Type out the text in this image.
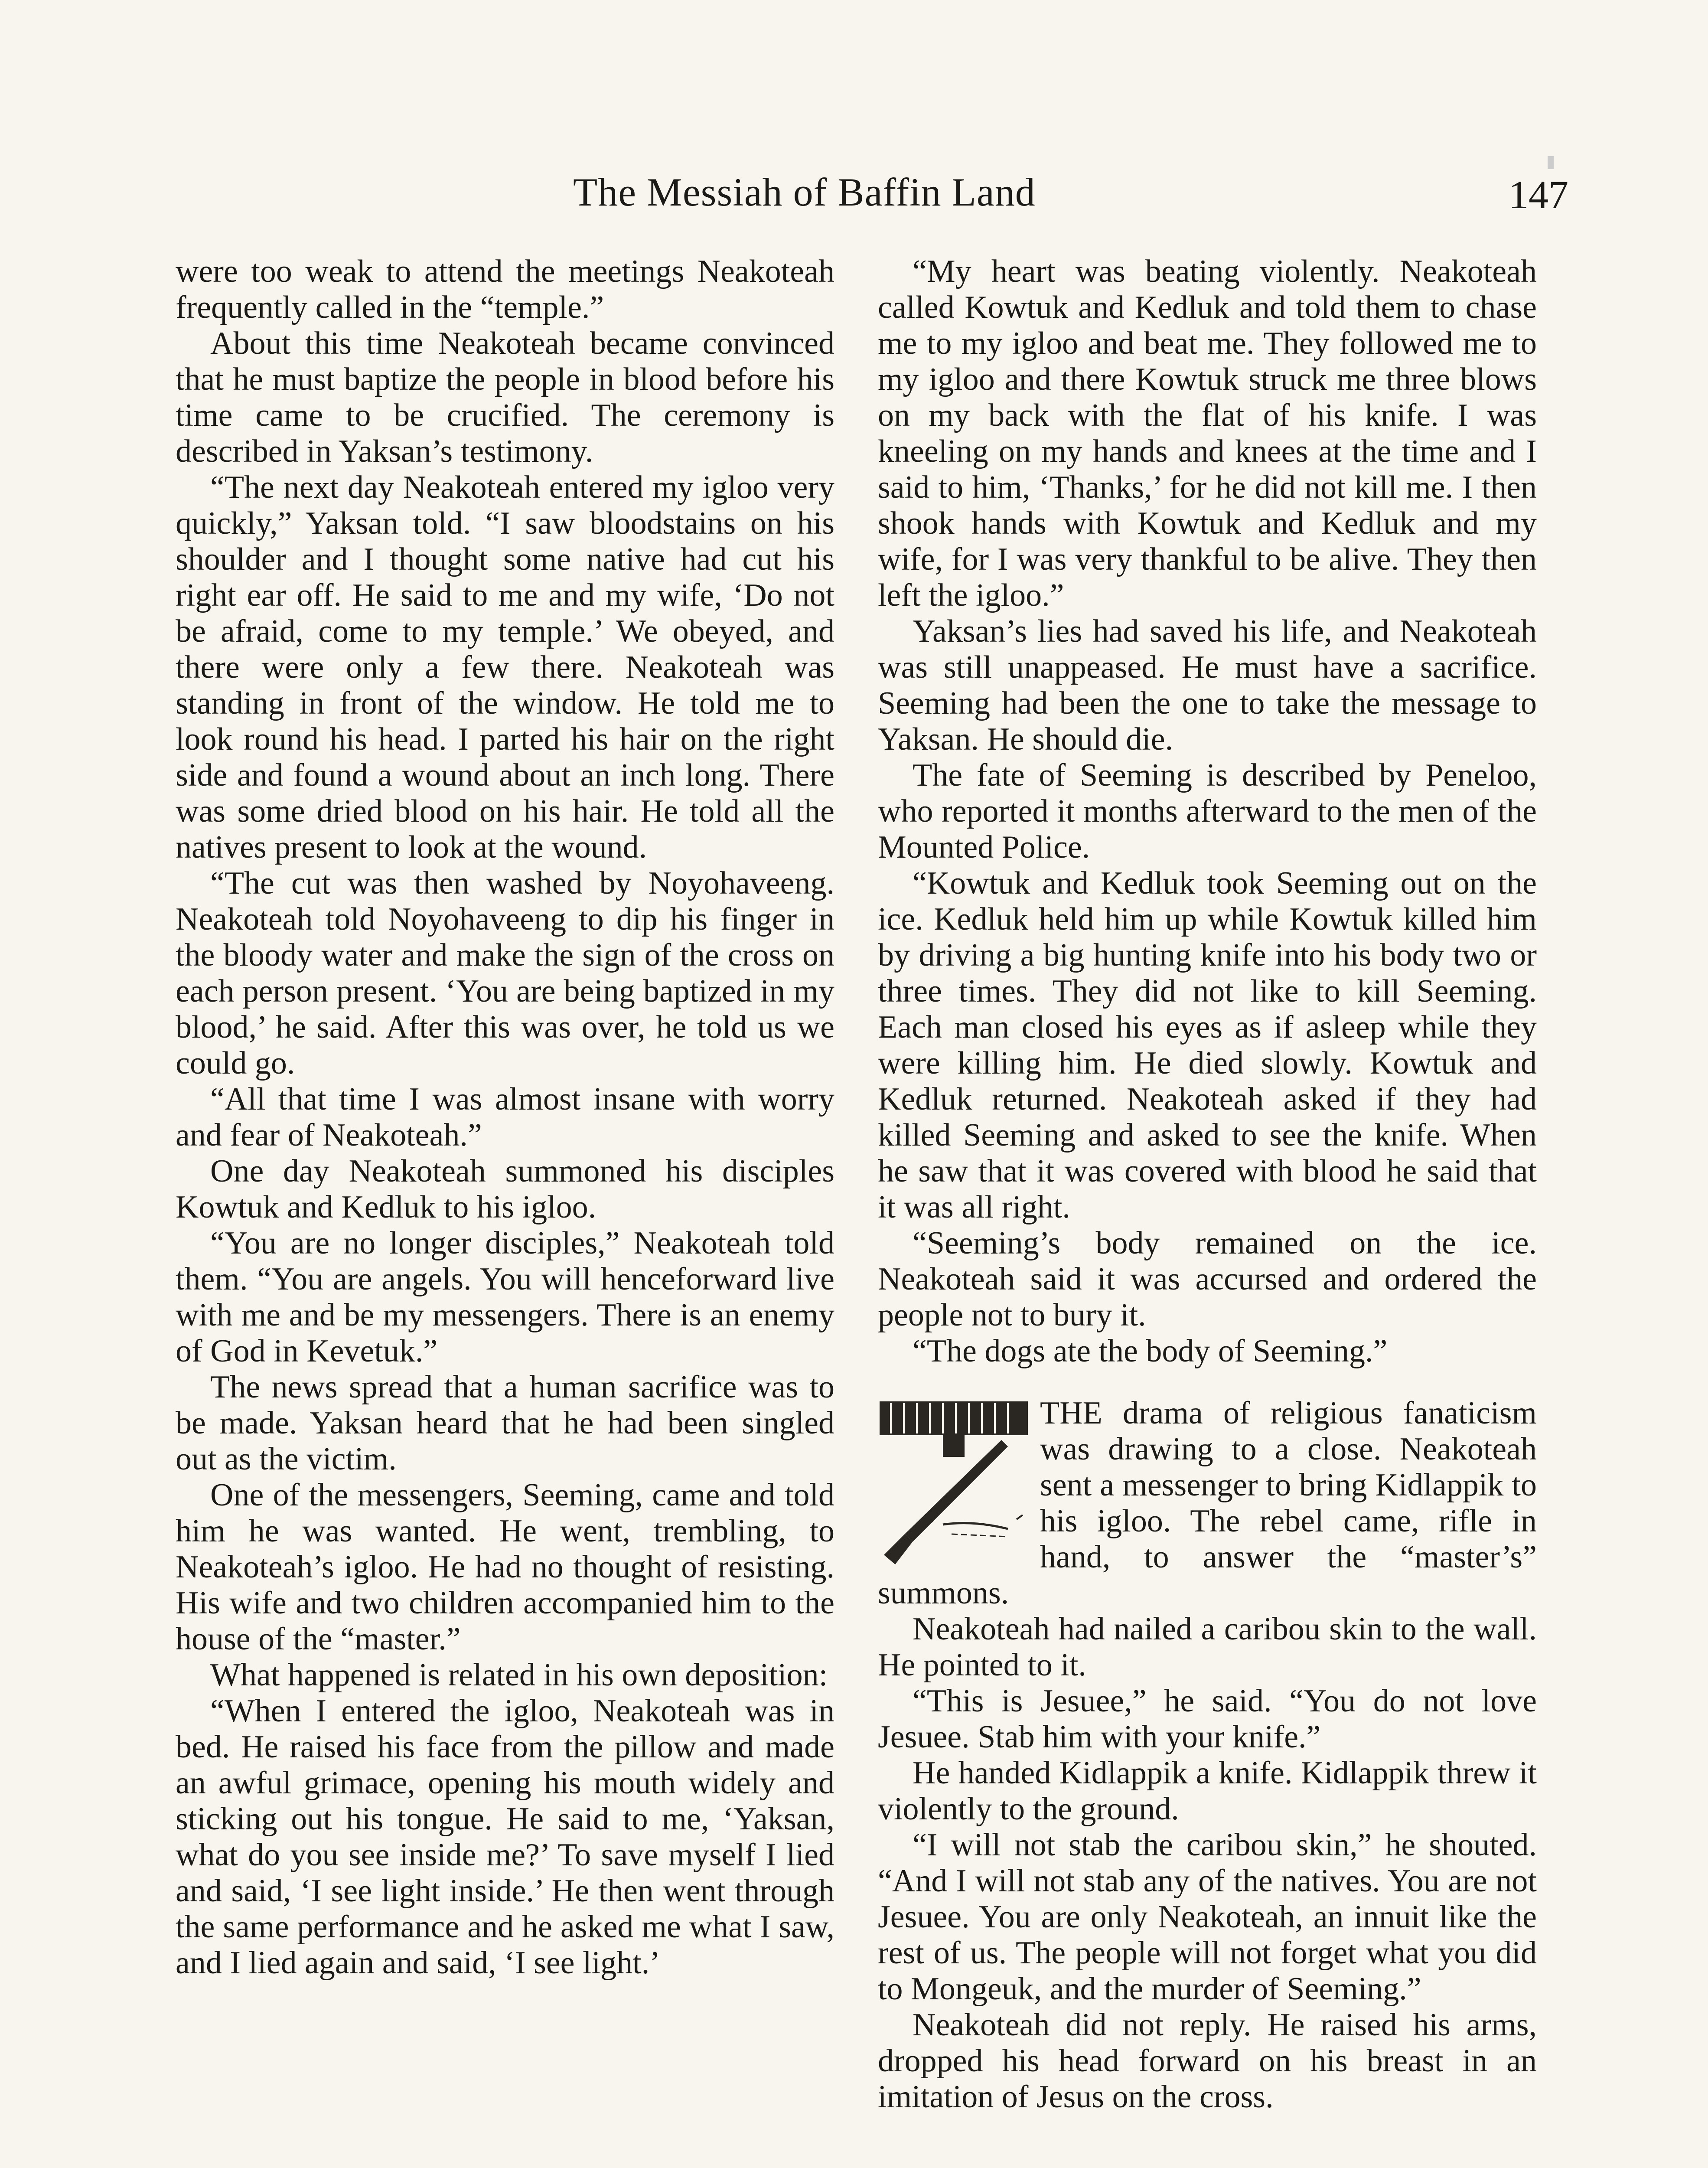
The Messiah of Baffin Land	147

were too weak to attend the meetings Neakoteah frequently called in the “temple.”

About this time Neakoteah became convinced that he must baptize the people in blood before his time came to be crucified. The ceremony is described in Yaksan’s testimony.

“The next day Neakoteah entered my igloo very quickly,” Yaksan told. “I saw bloodstains on his shoulder and I thought some native had cut his right ear off. He said to me and my wife, ‘Do not be afraid, come to my temple.’ We obeyed, and there were only a few there. Neakoteah was standing in front of the window. He told me to look round his head. I parted his hair on the right side and found a wound about an inch long. There was some dried blood on his hair. He told all the natives present to look at the wound.

“The cut was then washed by Noyohaveeng. Neakoteah told Noyohaveeng to dip his finger in the bloody water and make the sign of the cross on each person present. ‘You are being baptized in my blood,’ he said. After this was over, he told us we could go.

“All that time I was almost insane with worry and fear of Neakoteah.”

One day Neakoteah summoned his disciples Kowtuk and Kedluk to his igloo.

“You are no longer disciples,” Neakoteah told them. “You are angels. You will henceforward live with me and be my messengers. There is an enemy of God in Kevetuk.”

The news spread that a human sacrifice was to be made. Yaksan heard that he had been singled out as the victim.

One of the messengers, Seeming, came and told him he was wanted. He went, trembling, to Neakoteah’s igloo. He had no thought of resisting. His wife and two children accompanied him to the house of the “master.”

What happened is related in his own deposition:

“When I entered the igloo, Neakoteah was in bed. He raised his face from the pillow and made an awful grimace, opening his mouth widely and sticking out his tongue. He said to me, ‘Yaksan, what do you see inside me?’ To save myself I lied and said, ‘I see light inside.’ He then went through the same performance and he asked me what I saw, and I lied again and said, ‘I see light.’

“My heart was beating violently. Neakoteah called Kowtuk and Kedluk and told them to chase me to my igloo and beat me. They followed me to my igloo and there Kowtuk struck me three blows on my back with the flat of his knife. I was kneeling on my hands and knees at the time and I said to him, ‘Thanks,’ for he did not kill me. I then shook hands with Kowtuk and Kedluk and my wife, for I was very thankful to be alive. They then left the igloo.”

Yaksan’s lies had saved his life, and Neakoteah was still unappeased. He must have a sacrifice. Seeming had been the one to take the message to Yaksan. He should die.

The fate of Seeming is described by Peneloo, who reported it months afterward to the men of the Mounted Police.

“Kowtuk and Kedluk took Seeming out on the ice. Kedluk held him up while Kowtuk killed him by driving a big hunting knife into his body two or three times. They did not like to kill Seeming. Each man closed his eyes as if asleep while they were killing him. He died slowly. Kowtuk and Kedluk returned. Neakoteah asked if they had killed Seeming and asked to see the knife. When he saw that it was covered with blood he said that it was all right.

“Seeming’s body remained on the ice. Neakoteah said it was accursed and ordered the people not to bury it.

“The dogs ate the body of Seeming.”

THE drama of religious fanaticism was drawing to a close. Neakoteah sent a messenger to bring Kidlappik to his igloo. The rebel came, rifle in hand, to answer the “master’s” summons.

Neakoteah had nailed a caribou skin to the wall. He pointed to it.

“This is Jesuee,” he said. “You do not love Jesuee. Stab him with your knife.”

He handed Kidlappik a knife. Kidlappik threw it violently to the ground.

“I will not stab the caribou skin,” he shouted. “And I will not stab any of the natives. You are not Jesuee. You are only Neakoteah, an innuit like the rest of us. The people will not forget what you did to Mongeuk, and the murder of Seeming.”

Neakoteah did not reply. He raised his arms, dropped his head forward on his breast in an imitation of Jesus on the cross.
